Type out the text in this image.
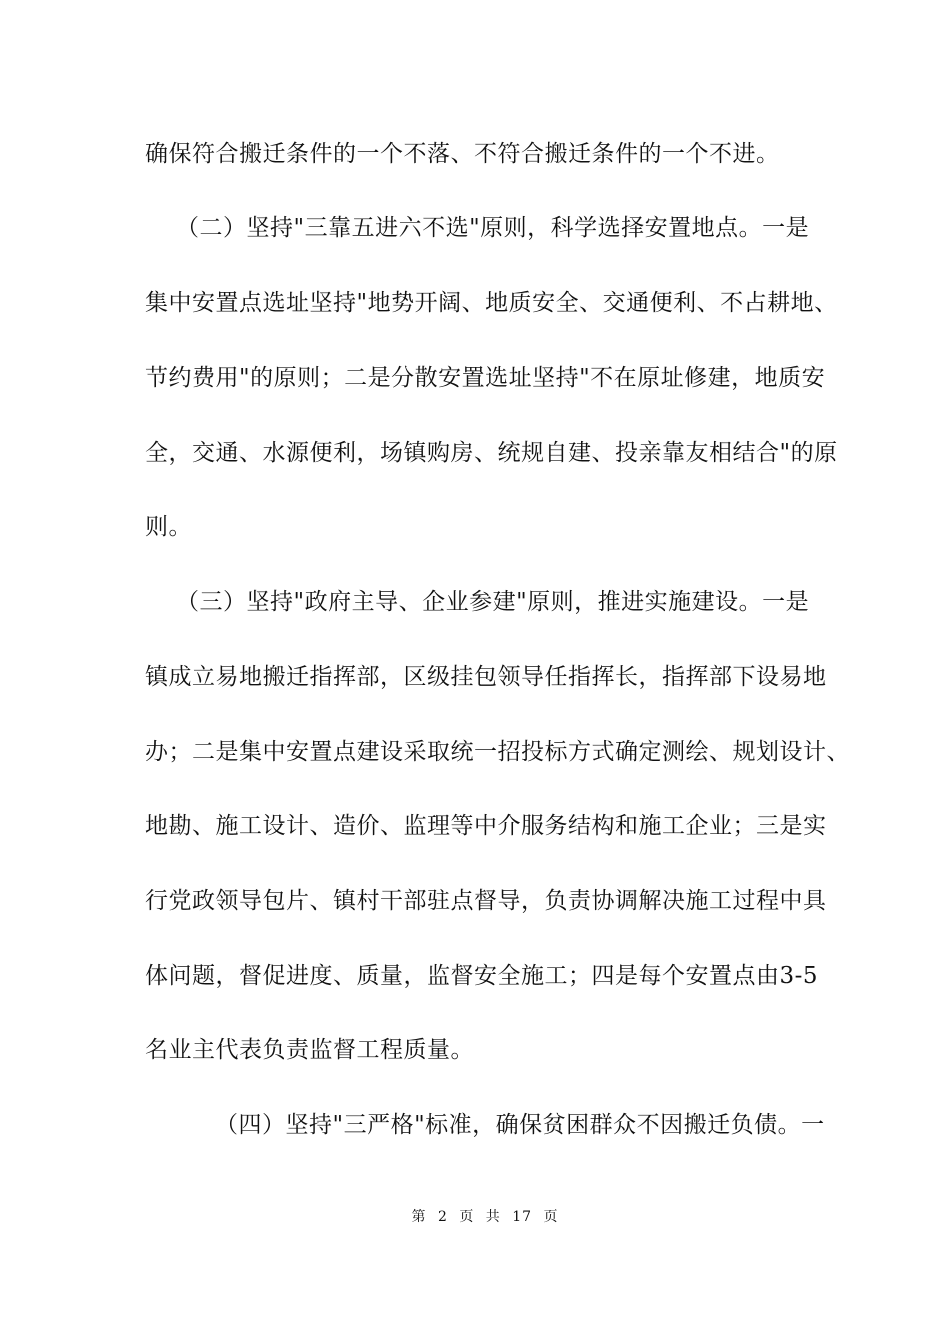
确保符合搬迁条件的一个不落、不符合搬迁条件的一个不进。
（二）坚持"三靠五进六不选"原则，科学选择安置地点。一是
集中安置点选址坚持"地势开阔、地质安全、交通便利、不占耕地、
节约费用"的原则；二是分散安置选址坚持"不在原址修建，地质安
全，交通、水源便利，场镇购房、统规自建、投亲靠友相结合"的原
则。
（三）坚持"政府主导、企业参建"原则，推进实施建设。一是
镇成立易地搬迁指挥部，区级挂包领导任指挥长，指挥部下设易地
办；二是集中安置点建设采取统一招投标方式确定测绘、规划设计、
地勘、施工设计、造价、监理等中介服务结构和施工企业；三是实
行党政领导包片、镇村干部驻点督导，负责协调解决施工过程中具
体问题，督促进度、质量，监督安全施工；四是每个安置点由3-5
名业主代表负责监督工程质量。
（四）坚持"三严格"标准，确保贫困群众不因搬迁负债。一
第 2 页 共 17 页
